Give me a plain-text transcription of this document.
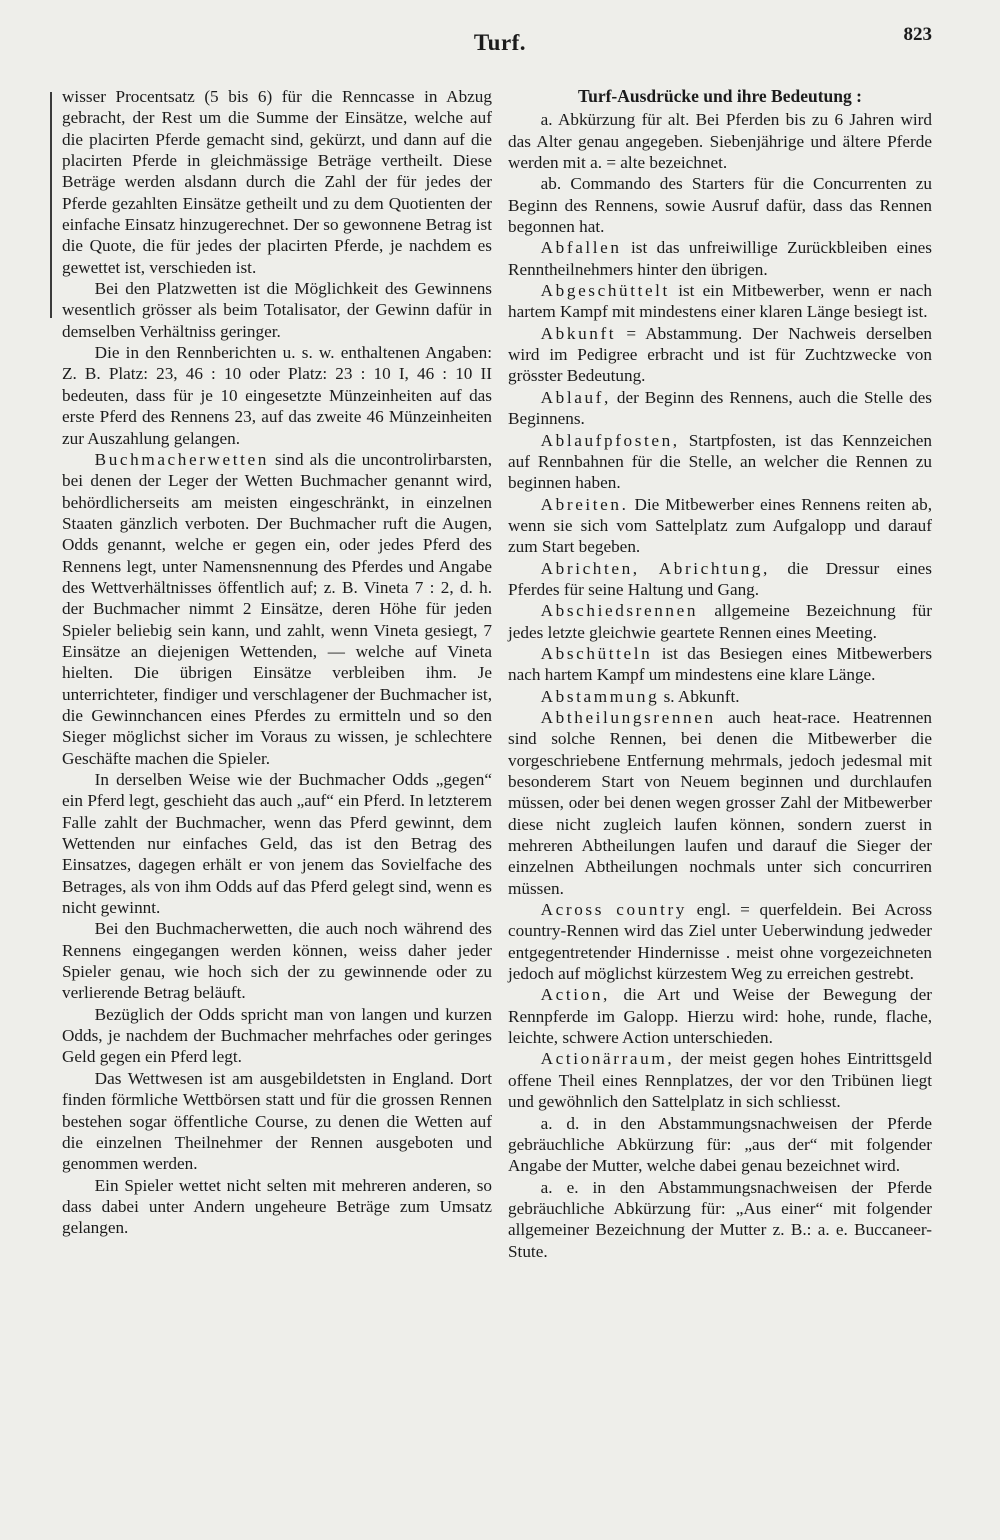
Turf.	823

wisser Procentsatz (5 bis 6) für die Renncasse in Abzug gebracht, der Rest um die Summe der Einsätze, welche auf die placirten Pferde gemacht sind, gekürzt, und dann auf die placirten Pferde in gleichmässige Beträge vertheilt. Diese Beträge werden alsdann durch die Zahl der für jedes der Pferde gezahlten Einsätze getheilt und zu dem Quotienten der einfache Einsatz hinzugerechnet. Der so gewonnene Betrag ist die Quote, die für jedes der placirten Pferde, je nachdem es gewettet ist, verschieden ist.

Bei den Platzwetten ist die Möglichkeit des Gewinnens wesentlich grösser als beim Totalisator, der Gewinn dafür in demselben Verhältniss geringer.

Die in den Rennberichten u. s. w. enthaltenen Angaben: Z. B. Platz: 23, 46 : 10 oder Platz: 23 : 10 I, 46 : 10 II bedeuten, dass für je 10 eingesetzte Münzeinheiten auf das erste Pferd des Rennens 23, auf das zweite 46 Münzeinheiten zur Auszahlung gelangen.

Buchmacherwetten sind als die uncontrolirbarsten, bei denen der Leger der Wetten Buchmacher genannt wird, behördlicherseits am meisten eingeschränkt, in einzelnen Staaten gänzlich verboten. Der Buchmacher ruft die Augen, Odds genannt, welche er gegen ein, oder jedes Pferd des Rennens legt, unter Namensnennung des Pferdes und Angabe des Wettverhältnisses öffentlich auf; z. B. Vineta 7 : 2, d. h. der Buchmacher nimmt 2 Einsätze, deren Höhe für jeden Spieler beliebig sein kann, und zahlt, wenn Vineta gesiegt, 7 Einsätze an diejenigen Wettenden, — welche auf Vineta hielten. Die übrigen Einsätze verbleiben ihm. Je unterrichteter, findiger und verschlagener der Buchmacher ist, die Gewinnchancen eines Pferdes zu ermitteln und so den Sieger möglichst sicher im Voraus zu wissen, je schlechtere Geschäfte machen die Spieler.

In derselben Weise wie der Buchmacher Odds „gegen“ ein Pferd legt, geschieht das auch „auf“ ein Pferd. In letzterem Falle zahlt der Buchmacher, wenn das Pferd gewinnt, dem Wettenden nur einfaches Geld, das ist den Betrag des Einsatzes, dagegen erhält er von jenem das Sovielfache des Betrages, als von ihm Odds auf das Pferd gelegt sind, wenn es nicht gewinnt.

Bei den Buchmacherwetten, die auch noch während des Rennens eingegangen werden können, weiss daher jeder Spieler genau, wie hoch sich der zu gewinnende oder zu verlierende Betrag beläuft.

Bezüglich der Odds spricht man von langen und kurzen Odds, je nachdem der Buchmacher mehrfaches oder geringes Geld gegen ein Pferd legt.

Das Wettwesen ist am ausgebildetsten in England. Dort finden förmliche Wettbörsen statt und für die grossen Rennen bestehen sogar öffentliche Course, zu denen die Wetten auf die einzelnen Theilnehmer der Rennen ausgeboten und genommen werden.

Ein Spieler wettet nicht selten mit mehreren anderen, so dass dabei unter Andern ungeheure Beträge zum Umsatz gelangen.

Turf-Ausdrücke und ihre Bedeutung :

a. Abkürzung für alt. Bei Pferden bis zu 6 Jahren wird das Alter genau angegeben. Siebenjährige und ältere Pferde werden mit a. = alte bezeichnet.

ab. Commando des Starters für die Concurrenten zu Beginn des Rennens, sowie Ausruf dafür, dass das Rennen begonnen hat.

Abfallen ist das unfreiwillige Zurückbleiben eines Renntheilnehmers hinter den übrigen.

Abgeschüttelt ist ein Mitbewerber, wenn er nach hartem Kampf mit mindestens einer klaren Länge besiegt ist.

Abkunft = Abstammung. Der Nachweis derselben wird im Pedigree erbracht und ist für Zuchtzwecke von grösster Bedeutung.

Ablauf, der Beginn des Rennens, auch die Stelle des Beginnens.

Ablaufpfosten, Startpfosten, ist das Kennzeichen auf Rennbahnen für die Stelle, an welcher die Rennen zu beginnen haben.

Abreiten. Die Mitbewerber eines Rennens reiten ab, wenn sie sich vom Sattelplatz zum Aufgalopp und darauf zum Start begeben.

Abrichten, Abrichtung, die Dressur eines Pferdes für seine Haltung und Gang.

Abschiedsrennen allgemeine Bezeichnung für jedes letzte gleichwie geartete Rennen eines Meeting.

Abschütteln ist das Besiegen eines Mitbewerbers nach hartem Kampf um mindestens eine klare Länge.

Abstammung s. Abkunft.

Abtheilungsrennen auch heat-race. Heatrennen sind solche Rennen, bei denen die Mitbewerber die vorgeschriebene Entfernung mehrmals, jedoch jedesmal mit besonderem Start von Neuem beginnen und durchlaufen müssen, oder bei denen wegen grosser Zahl der Mitbewerber diese nicht zugleich laufen können, sondern zuerst in mehreren Abtheilungen laufen und darauf die Sieger der einzelnen Abtheilungen nochmals unter sich concurriren müssen.

Across country engl. = querfeldein. Bei Across country-Rennen wird das Ziel unter Ueberwindung jedweder entgegentretender Hindernisse . meist ohne vorgezeichneten jedoch auf möglichst kürzestem Weg zu erreichen gestrebt.

Action, die Art und Weise der Bewegung der Rennpferde im Galopp. Hierzu wird: hohe, runde, flache, leichte, schwere Action unterschieden.

Actionärraum, der meist gegen hohes Eintrittsgeld offene Theil eines Rennplatzes, der vor den Tribünen liegt und gewöhnlich den Sattelplatz in sich schliesst.

a. d. in den Abstammungsnachweisen der Pferde gebräuchliche Abkürzung für: „aus der“ mit folgender Angabe der Mutter, welche dabei genau bezeichnet wird.

a. e. in den Abstammungsnachweisen der Pferde gebräuchliche Abkürzung für: „Aus einer“ mit folgender allgemeiner Bezeichnung der Mutter z. B.: a. e. Buccaneer-Stute.
